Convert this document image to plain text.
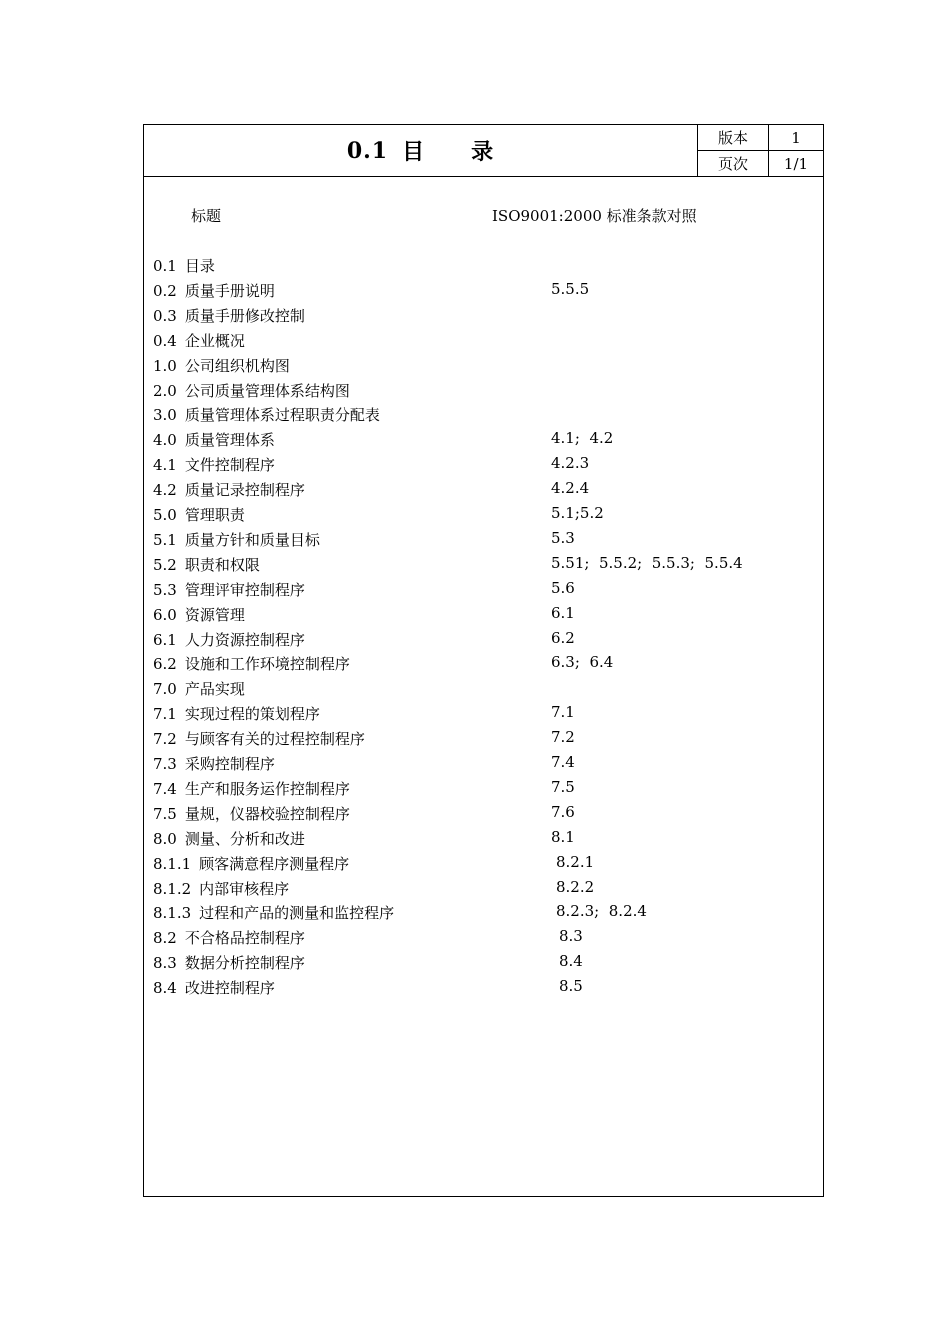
0.1 目　　录
版本	1
页次	1/1
标题	ISO9001:2000 标准条款对照
0.1 目录
0.2 质量手册说明	5.5.5
0.3 质量手册修改控制
0.4 企业概况
1.0 公司组织机构图
2.0 公司质量管理体系结构图
3.0 质量管理体系过程职责分配表
4.0 质量管理体系	4.1;  4.2
4.1 文件控制程序	4.2.3
4.2 质量记录控制程序	4.2.4
5.0 管理职责	5.1;5.2
5.1 质量方针和质量目标	5.3
5.2 职责和权限	5.51;  5.5.2;  5.5.3;  5.5.4
5.3 管理评审控制程序	5.6
6.0 资源管理	6.1
6.1 人力资源控制程序	6.2
6.2 设施和工作环境控制程序	6.3;  6.4
7.0 产品实现
7.1 实现过程的策划程序	7.1
7.2 与顾客有关的过程控制程序	7.2
7.3 采购控制程序	7.4
7.4 生产和服务运作控制程序	7.5
7.5 量规，仪器校验控制程序	7.6
8.0 测量、分析和改进	8.1
8.1.1 顾客满意程序测量程序	8.2.1
8.1.2 内部审核程序	8.2.2
8.1.3 过程和产品的测量和监控程序	8.2.3;  8.2.4
8.2 不合格品控制程序	8.3
8.3 数据分析控制程序	8.4
8.4 改进控制程序	8.5
